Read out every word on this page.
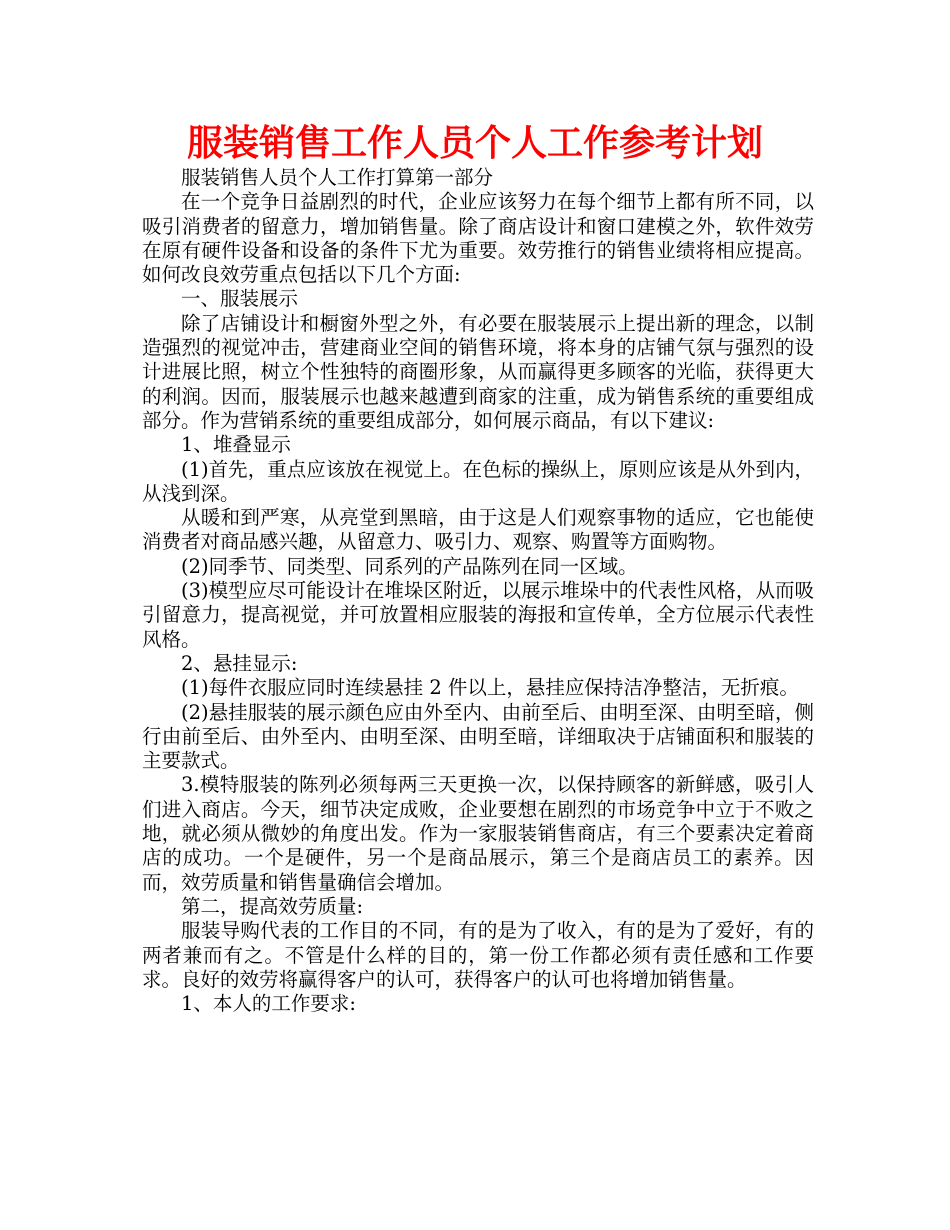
服装销售工作人员个人工作参考计划

服装销售人员个人工作打算第一部分

在一个竞争日益剧烈的时代，企业应该努力在每个细节上都有所不同，以吸引消费者的留意力，增加销售量。除了商店设计和窗口建模之外，软件效劳在原有硬件设备和设备的条件下尤为重要。效劳推行的销售业绩将相应提高。如何改良效劳重点包括以下几个方面:

一、服装展示

除了店铺设计和橱窗外型之外，有必要在服装展示上提出新的理念，以制造强烈的视觉冲击，营建商业空间的销售环境，将本身的店铺气氛与强烈的设计进展比照，树立个性独特的商圈形象，从而赢得更多顾客的光临，获得更大的利润。因而，服装展示也越来越遭到商家的注重，成为销售系统的重要组成部分。作为营销系统的重要组成部分，如何展示商品，有以下建议:

1、堆叠显示

(1)首先，重点应该放在视觉上。在色标的操纵上，原则应该是从外到内，从浅到深。

从暖和到严寒，从亮堂到黑暗，由于这是人们观察事物的适应，它也能使消费者对商品感兴趣，从留意力、吸引力、观察、购置等方面购物。

(2)同季节、同类型、同系列的产品陈列在同一区域。

(3)模型应尽可能设计在堆垛区附近，以展示堆垛中的代表性风格，从而吸引留意力，提高视觉，并可放置相应服装的海报和宣传单，全方位展示代表性风格。

2、悬挂显示:

(1)每件衣服应同时连续悬挂 2 件以上，悬挂应保持洁净整洁，无折痕。

(2)悬挂服装的展示颜色应由外至内、由前至后、由明至深、由明至暗，侧行由前至后、由外至内、由明至深、由明至暗，详细取决于店铺面积和服装的主要款式。

3.模特服装的陈列必须每两三天更换一次，以保持顾客的新鲜感，吸引人们进入商店。今天，细节决定成败，企业要想在剧烈的市场竞争中立于不败之地，就必须从微妙的角度出发。作为一家服装销售商店，有三个要素决定着商店的成功。一个是硬件，另一个是商品展示，第三个是商店员工的素养。因而，效劳质量和销售量确信会增加。

第二，提高效劳质量:

服装导购代表的工作目的不同，有的是为了收入，有的是为了爱好，有的两者兼而有之。不管是什么样的目的，第一份工作都必须有责任感和工作要求。良好的效劳将赢得客户的认可，获得客户的认可也将增加销售量。

1、本人的工作要求:
